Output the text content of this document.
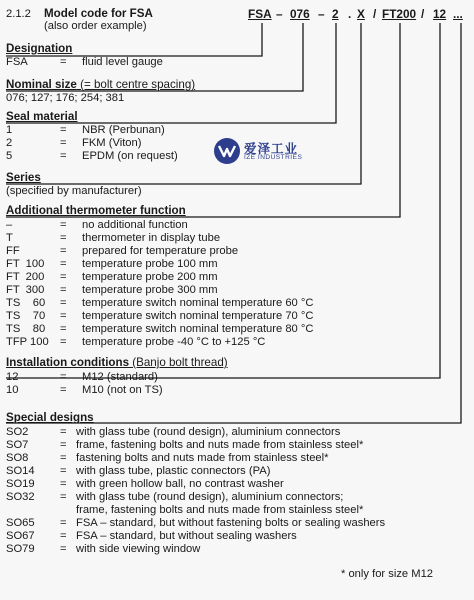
2.1.2 Model code for FSA
(also order example)
FSA – 076 – 2 . X / FT200 / 12 ...
Designation
FSA	= fluid level gauge
Nominal size (= bolt centre spacing)
076; 127; 176; 254; 381
Seal material
1	= NBR (Perbunan)
2	= FKM (Viton)
5	= EPDM (on request)	爱泽工业
IZE INDUSTRIES
Series
(specified by manufacturer)
Additional thermometer function
–	= no additional function
T	= thermometer in display tube
FF	= prepared for temperature probe
FT  100 = temperature probe 100 mm
FT  200 = temperature probe 200 mm
FT  300 = temperature probe 300 mm
TS    60 = temperature switch nominal temperature 60 °C
TS    70 = temperature switch nominal temperature 70 °C
TS    80 = temperature switch nominal temperature 80 °C
TFP 100 = temperature probe -40 °C to +125 °C
Installation conditions (Banjo bolt thread)
12	= M12 (standard)
10	= M10 (not on TS)
Special designs
SO2	= with glass tube (round design), aluminium connectors
SO7	= frame, fastening bolts and nuts made from stainless steel*
SO8	= fastening bolts and nuts made from stainless steel*
SO14 = with glass tube, plastic connectors (PA)
SO19 = with green hollow ball, no contrast washer
SO32 = with glass tube (round design), aluminium connectors;
frame, fastening bolts and nuts made from stainless steel*
SO65 = FSA – standard, but without fastening bolts or sealing washers
SO67 = FSA – standard, but without sealing washers
SO79 = with side viewing window
* only for size M12
